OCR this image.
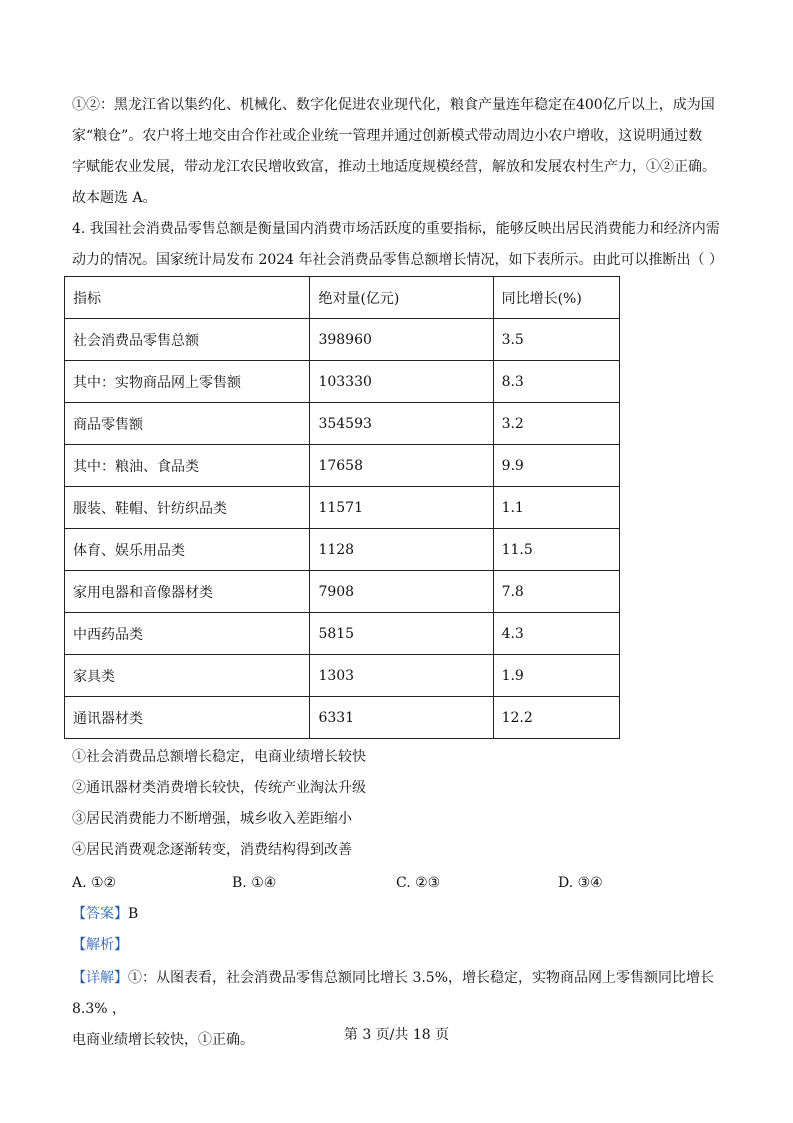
①②：黑龙江省以集约化、机械化、数字化促进农业现代化，粮食产量连年稳定在400亿斤以上，成为国
家“粮仓”。农户将土地交由合作社或企业统一管理并通过创新模式带动周边小农户增收，这说明通过数
字赋能农业发展，带动龙江农民增收致富，推动土地适度规模经营，解放和发展农村生产力，①②正确。
故本题选 A。
4. 我国社会消费品零售总额是衡量国内消费市场活跃度的重要指标，能够反映出居民消费能力和经济内需
动力的情况。国家统计局发布 2024 年社会消费品零售总额增长情况，如下表所示。由此可以推断出（ ）
指标	绝对量(亿元)	同比增长(%)
社会消费品零售总额	398960	3.5
其中：实物商品网上零售额	103330	8.3
商品零售额	354593	3.2
其中：粮油、食品类	17658	9.9
服装、鞋帽、针纺织品类	11571	1.1
体育、娱乐用品类	1128	11.5
家用电器和音像器材类	7908	7.8
中西药品类	5815	4.3
家具类	1303	1.9
通讯器材类	6331	12.2
①社会消费品总额增长稳定，电商业绩增长较快
②通讯器材类消费增长较快，传统产业淘汰升级
③居民消费能力不断增强，城乡收入差距缩小
④居民消费观念逐渐转变，消费结构得到改善
A. ①②	B. ①④	C. ②③	D. ③④
【答案】B
【解析】
【详解】①：从图表看，社会消费品零售总额同比增长 3.5%，增长稳定，实物商品网上零售额同比增长 8.3% ，
电商业绩增长较快，①正确。	第 3 页/共 18 页
